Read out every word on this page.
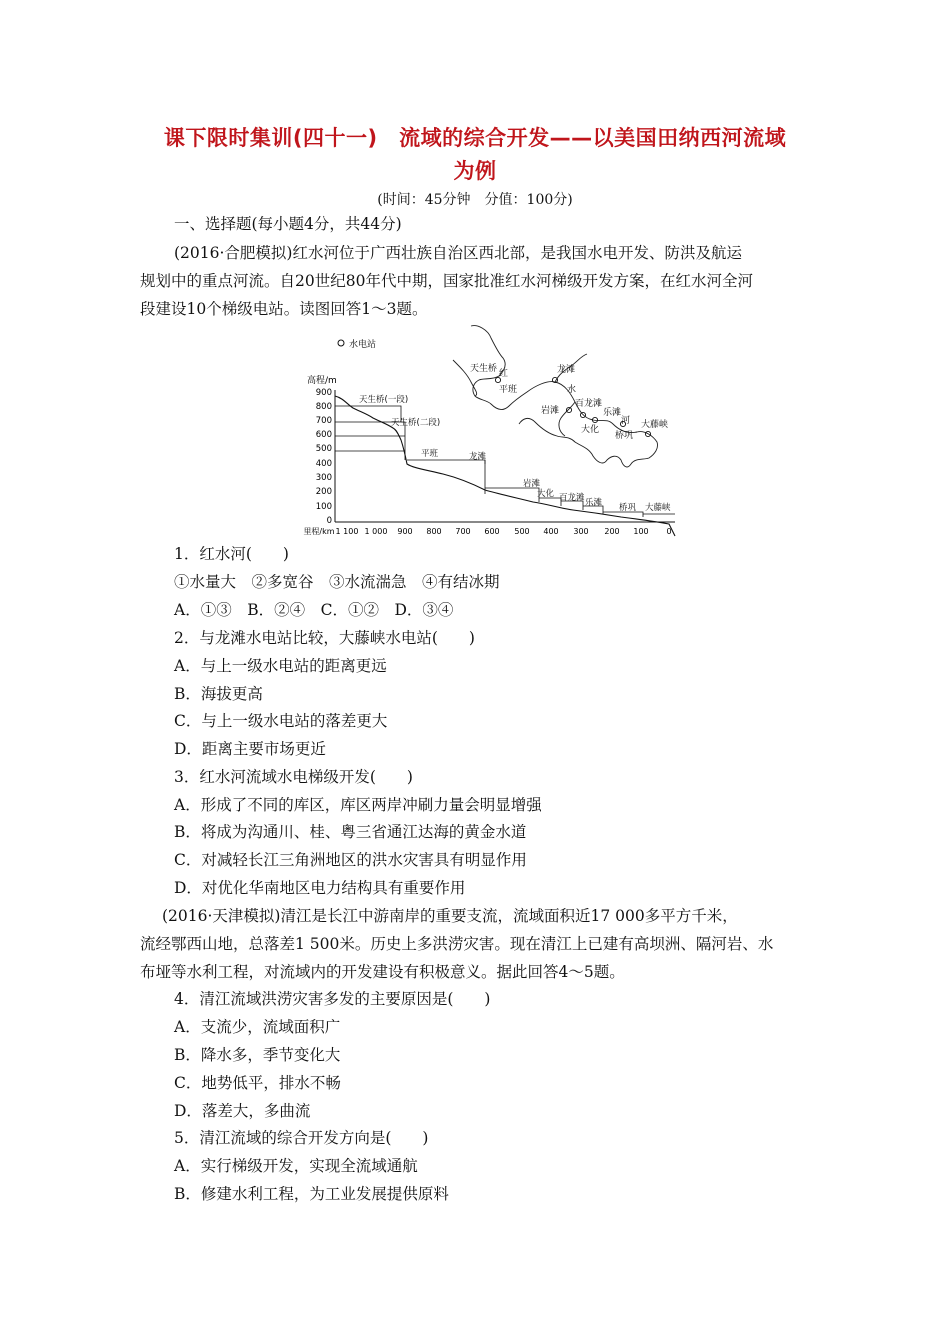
课下限时集训(四十一)　流域的综合开发——以美国田纳西河流域
为例
(时间：45分钟　分值：100分)
一、选择题(每小题4分，共44分)
(2016·合肥模拟)红水河位于广西壮族自治区西北部，是我国水电开发、防洪及航运
规划中的重点河流。自20世纪80年代中期，国家批准红水河梯级开发方案，在红水河全河
段建设10个梯级电站。读图回答1～3题。
水电站
天生桥 红
平班
龙滩
水
岩滩
百龙滩
乐滩
河
大化
桥巩
大藤峡
高程/m
900
800
700
600
500
400
300
200
100
0
天生桥(一段)
天生桥(二段)
平班	龙滩
岩滩
大化 百龙滩 乐滩 桥巩 大藤峡
里程/km 1 100 1 000 900 800 700 600 500 400 300 200 100 0
1．红水河(　　)
①水量大　②多宽谷　③水流湍急　④有结冰期
A．①③　B．②④　C．①②　D．③④
2．与龙滩水电站比较，大藤峡水电站(　　)
A．与上一级水电站的距离更远
B．海拔更高
C．与上一级水电站的落差更大
D．距离主要市场更近
3．红水河流域水电梯级开发(　　)
A．形成了不同的库区，库区两岸冲刷力量会明显增强
B．将成为沟通川、桂、粤三省通江达海的黄金水道
C．对减轻长江三角洲地区的洪水灾害具有明显作用
D．对优化华南地区电力结构具有重要作用
(2016·天津模拟)清江是长江中游南岸的重要支流，流域面积近17 000多平方千米，
流经鄂西山地，总落差1 500米。历史上多洪涝灾害。现在清江上已建有高坝洲、隔河岩、水
布垭等水利工程，对流域内的开发建设有积极意义。据此回答4～5题。
4．清江流域洪涝灾害多发的主要原因是(　　)
A．支流少，流域面积广
B．降水多，季节变化大
C．地势低平，排水不畅
D．落差大，多曲流
5．清江流域的综合开发方向是(　　)
A．实行梯级开发，实现全流域通航
B．修建水利工程，为工业发展提供原料
